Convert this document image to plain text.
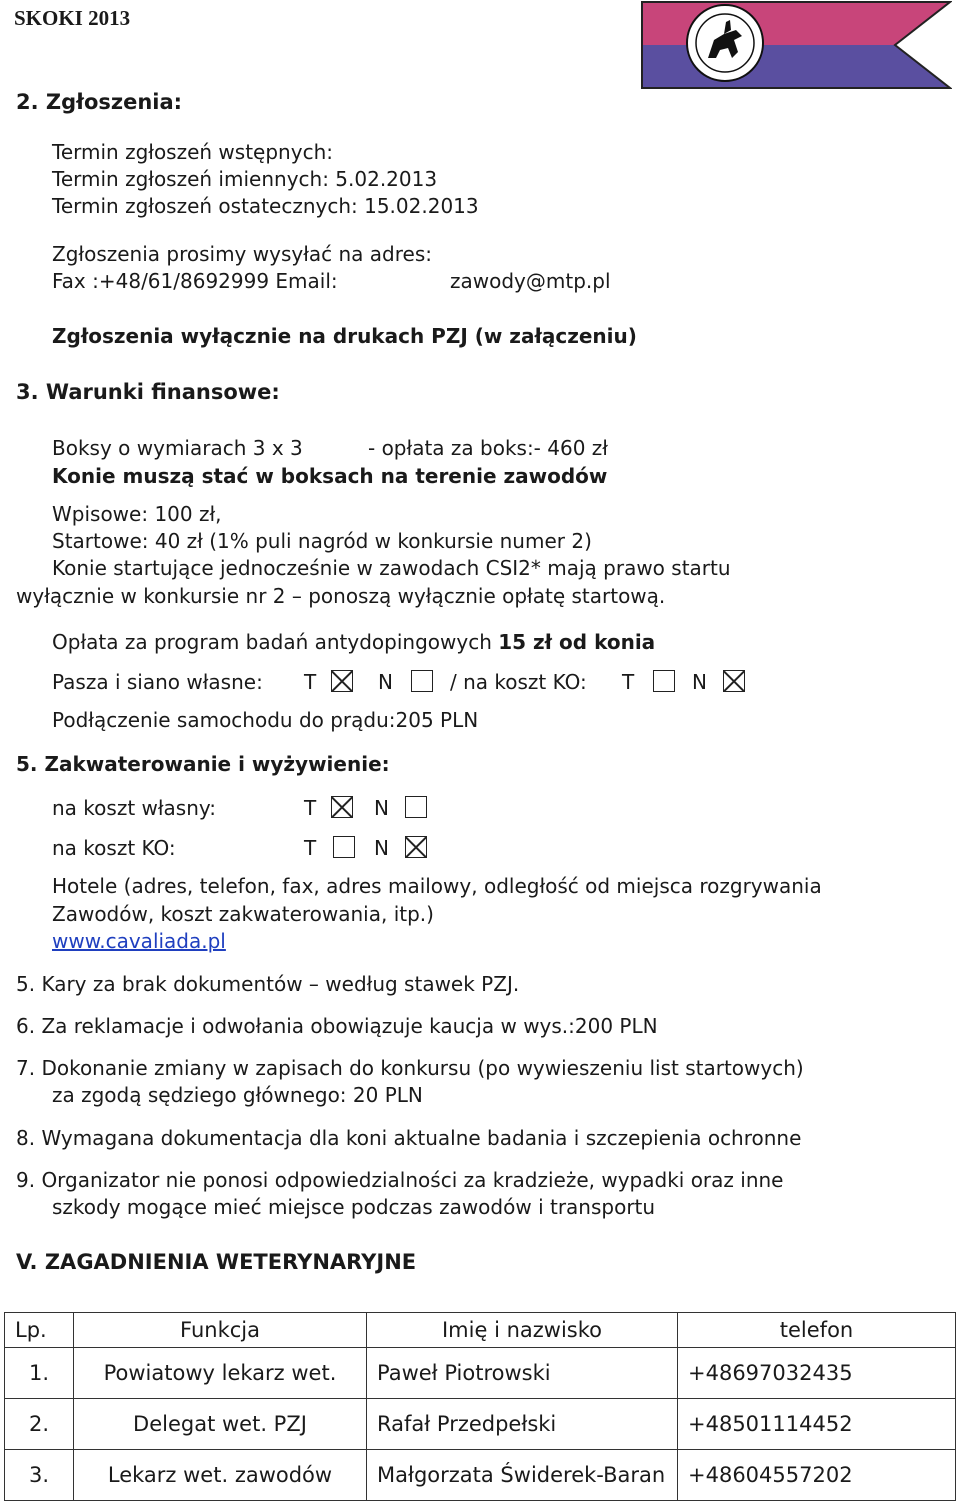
SKOKI 2013
2. Zgłoszenia:
Termin zgłoszeń wstępnych:
Termin zgłoszeń imiennych: 5.02.2013
Termin zgłoszeń ostatecznych: 15.02.2013
Zgłoszenia prosimy wysyłać na adres:
Fax :+48/61/8692999 Email:	zawody@mtp.pl
Zgłoszenia wyłącznie na drukach PZJ (w załączeniu)
3. Warunki finansowe:
Boksy o wymiarach 3 x 3	- opłata za boks:- 460 zł
Konie muszą stać w boksach na terenie zawodów
Wpisowe: 100 zł,
Startowe: 40 zł (1% puli nagród w konkursie numer 2)
Konie startujące jednocześnie w zawodach CSI2* mają prawo startu
wyłącznie w konkursie nr 2 – ponoszą wyłącznie opłatę startową.
Opłata za program badań antydopingowych 15 zł od konia
Pasza i siano własne: T	N	/ na koszt KO: T	N
Podłączenie samochodu do prądu:205 PLN
5. Zakwaterowanie i wyżywienie:
na koszt własny:	T	N
na koszt KO:	T	N
Hotele (adres, telefon, fax, adres mailowy, odległość od miejsca rozgrywania
Zawodów, koszt zakwaterowania, itp.)
www.cavaliada.pl
5. Kary za brak dokumentów – według stawek PZJ.
6. Za reklamacje i odwołania obowiązuje kaucja w wys.:200 PLN
7. Dokonanie zmiany w zapisach do konkursu (po wywieszeniu list startowych)
za zgodą sędziego głównego: 20 PLN
8. Wymagana dokumentacja dla koni aktualne badania i szczepienia ochronne
9. Organizator nie ponosi odpowiedzialności za kradzieże, wypadki oraz inne
szkody mogące mieć miejsce podczas zawodów i transportu
V. ZAGADNIENIA WETERYNARYJNE
Lp.	Funkcja	Imię i nazwisko	telefon
1.	Powiatowy lekarz wet.	Paweł Piotrowski	+48697032435
2.	Delegat wet. PZJ	Rafał Przedpełski	+48501114452
3.	Lekarz wet. zawodów	Małgorzata Świderek-Baran	+48604557202
